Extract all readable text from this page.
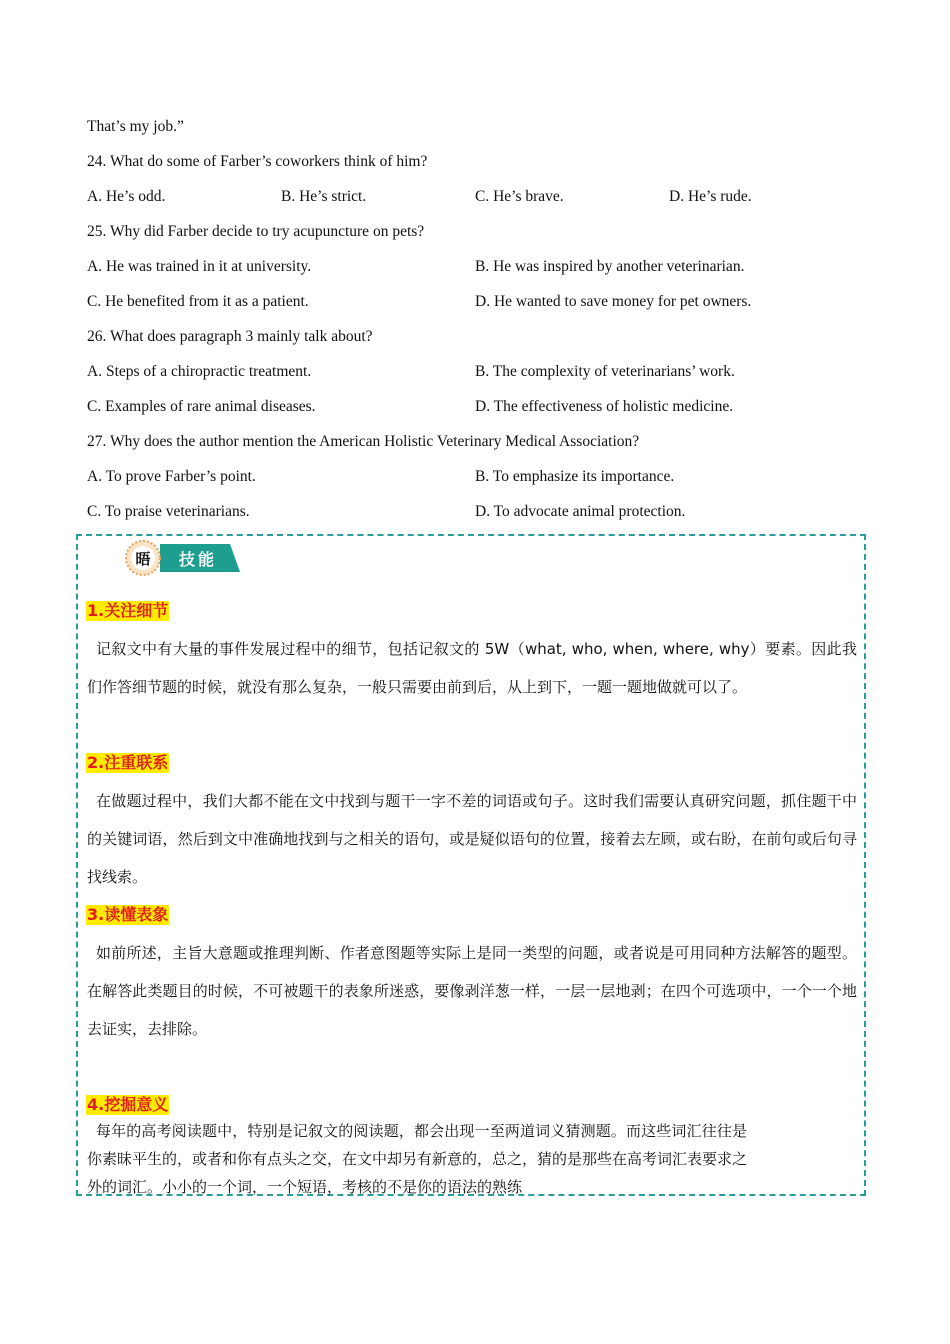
That’s my job.”
24. What do some of Farber’s coworkers think of him?
A. He’s odd.	B. He’s strict.	C. He’s brave.	D. He’s rude.
25. Why did Farber decide to try acupuncture on pets?
A. He was trained in it at university.	B. He was inspired by another veterinarian.
C. He benefited from it as a patient.	D. He wanted to save money for pet owners.
26. What does paragraph 3 mainly talk about?
A. Steps of a chiropractic treatment.	B. The complexity of veterinarians’ work.
C. Examples of rare animal diseases.	D. The effectiveness of holistic medicine.
27. Why does the author mention the American Holistic Veterinary Medical Association?
A. To prove Farber’s point.	B. To emphasize its importance.
C. To praise veterinarians.	D. To advocate animal protection.
晤 技能
1.关注细节
记叙文中有大量的事件发展过程中的细节，包括记叙文的 5W（what, who, when, where, why）要素。因此我们作答细节题的时候，就没有那么复杂，一般只需要由前到后，从上到下，一题一题地做就可以了。
2.注重联系
在做题过程中，我们大都不能在文中找到与题干一字不差的词语或句子。这时我们需要认真研究问题，抓住题干中的关键词语，然后到文中准确地找到与之相关的语句，或是疑似语句的位置，接着去左顾，或右盼，在前句或后句寻找线索。
3.读懂表象
如前所述，主旨大意题或推理判断、作者意图题等实际上是同一类型的问题，或者说是可用同种方法解答的题型。在解答此类题目的时候，不可被题干的表象所迷惑，要像剥洋葱一样，一层一层地剥；在四个可选项中，一个一个地去证实，去排除。
4.挖掘意义
每年的高考阅读题中，特别是记叙文的阅读题，都会出现一至两道词义猜测题。而这些词汇往往是你素昧平生的，或者和你有点头之交，在文中却另有新意的，总之，猜的是那些在高考词汇表要求之外的词汇。小小的一个词，一个短语，考核的不是你的语法的熟练
